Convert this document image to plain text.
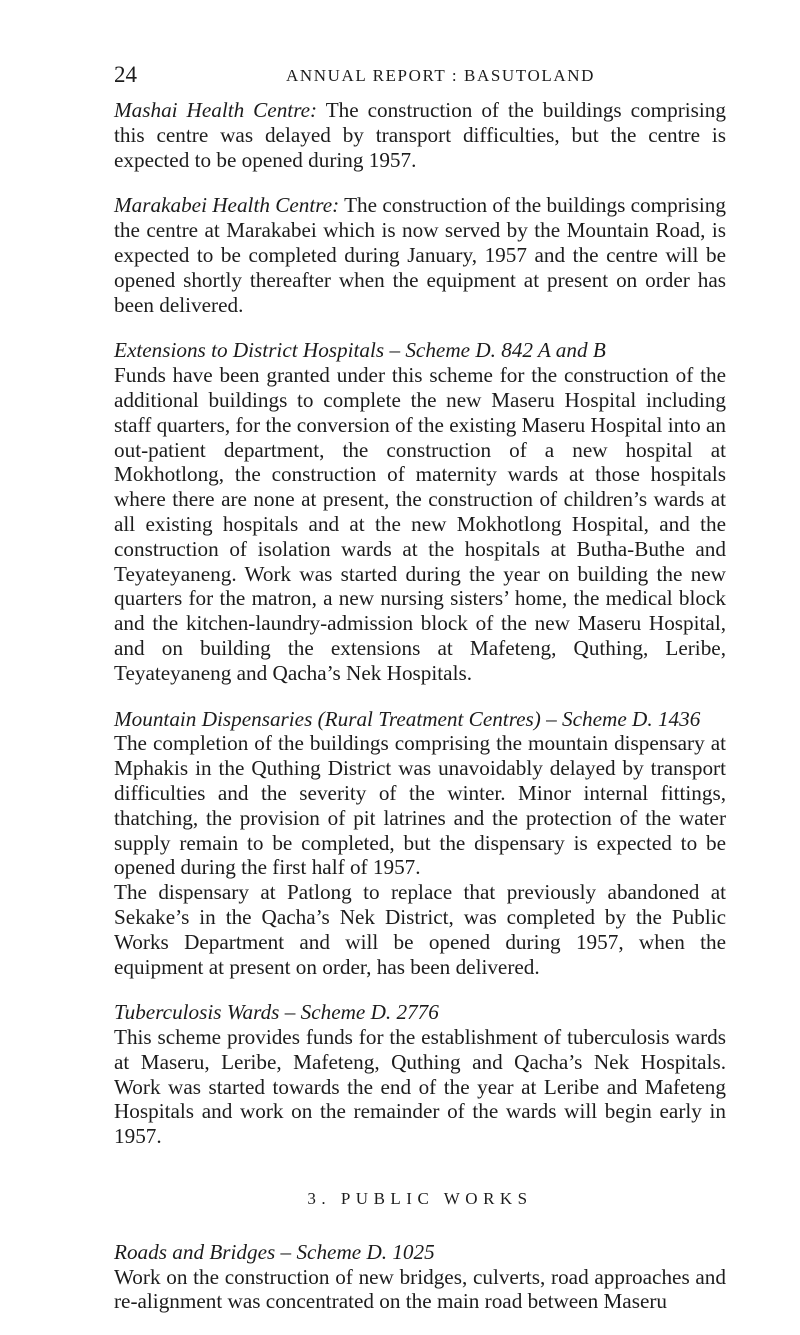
24	ANNUAL REPORT : BASUTOLAND

Mashai Health Centre: The construction of the buildings comprising this centre was delayed by transport difficulties, but the centre is expected to be opened during 1957.

Marakabei Health Centre: The construction of the buildings comprising the centre at Marakabei which is now served by the Mountain Road, is expected to be completed during January, 1957 and the centre will be opened shortly thereafter when the equipment at present on order has been delivered.

Extensions to District Hospitals – Scheme D. 842 A and B

Funds have been granted under this scheme for the construction of the additional buildings to complete the new Maseru Hospital including staff quarters, for the conversion of the existing Maseru Hospital into an out-patient department, the construction of a new hospital at Mokhotlong, the construction of maternity wards at those hospitals where there are none at present, the construction of children’s wards at all existing hospitals and at the new Mokhotlong Hospital, and the construction of isolation wards at the hospitals at Butha-Buthe and Teyateyaneng. Work was started during the year on building the new quarters for the matron, a new nursing sisters’ home, the medical block and the kitchen-laundry-admission block of the new Maseru Hospital, and on building the extensions at Mafeteng, Quthing, Leribe, Teyateyaneng and Qacha’s Nek Hospitals.

Mountain Dispensaries (Rural Treatment Centres) – Scheme D. 1436

The completion of the buildings comprising the mountain dispensary at Mphakis in the Quthing District was unavoidably delayed by transport difficulties and the severity of the winter. Minor internal fittings, thatching, the provision of pit latrines and the protection of the water supply remain to be completed, but the dispensary is expected to be opened during the first half of 1957.

The dispensary at Patlong to replace that previously abandoned at Sekake’s in the Qacha’s Nek District, was completed by the Public Works Department and will be opened during 1957, when the equipment at present on order, has been delivered.

Tuberculosis Wards – Scheme D. 2776

This scheme provides funds for the establishment of tuberculosis wards at Maseru, Leribe, Mafeteng, Quthing and Qacha’s Nek Hospitals. Work was started towards the end of the year at Leribe and Mafeteng Hospitals and work on the remainder of the wards will begin early in 1957.

3. PUBLIC WORKS
Roads and Bridges – Scheme D. 1025

Work on the construction of new bridges, culverts, road approaches and re-alignment was concentrated on the main road between Maseru
